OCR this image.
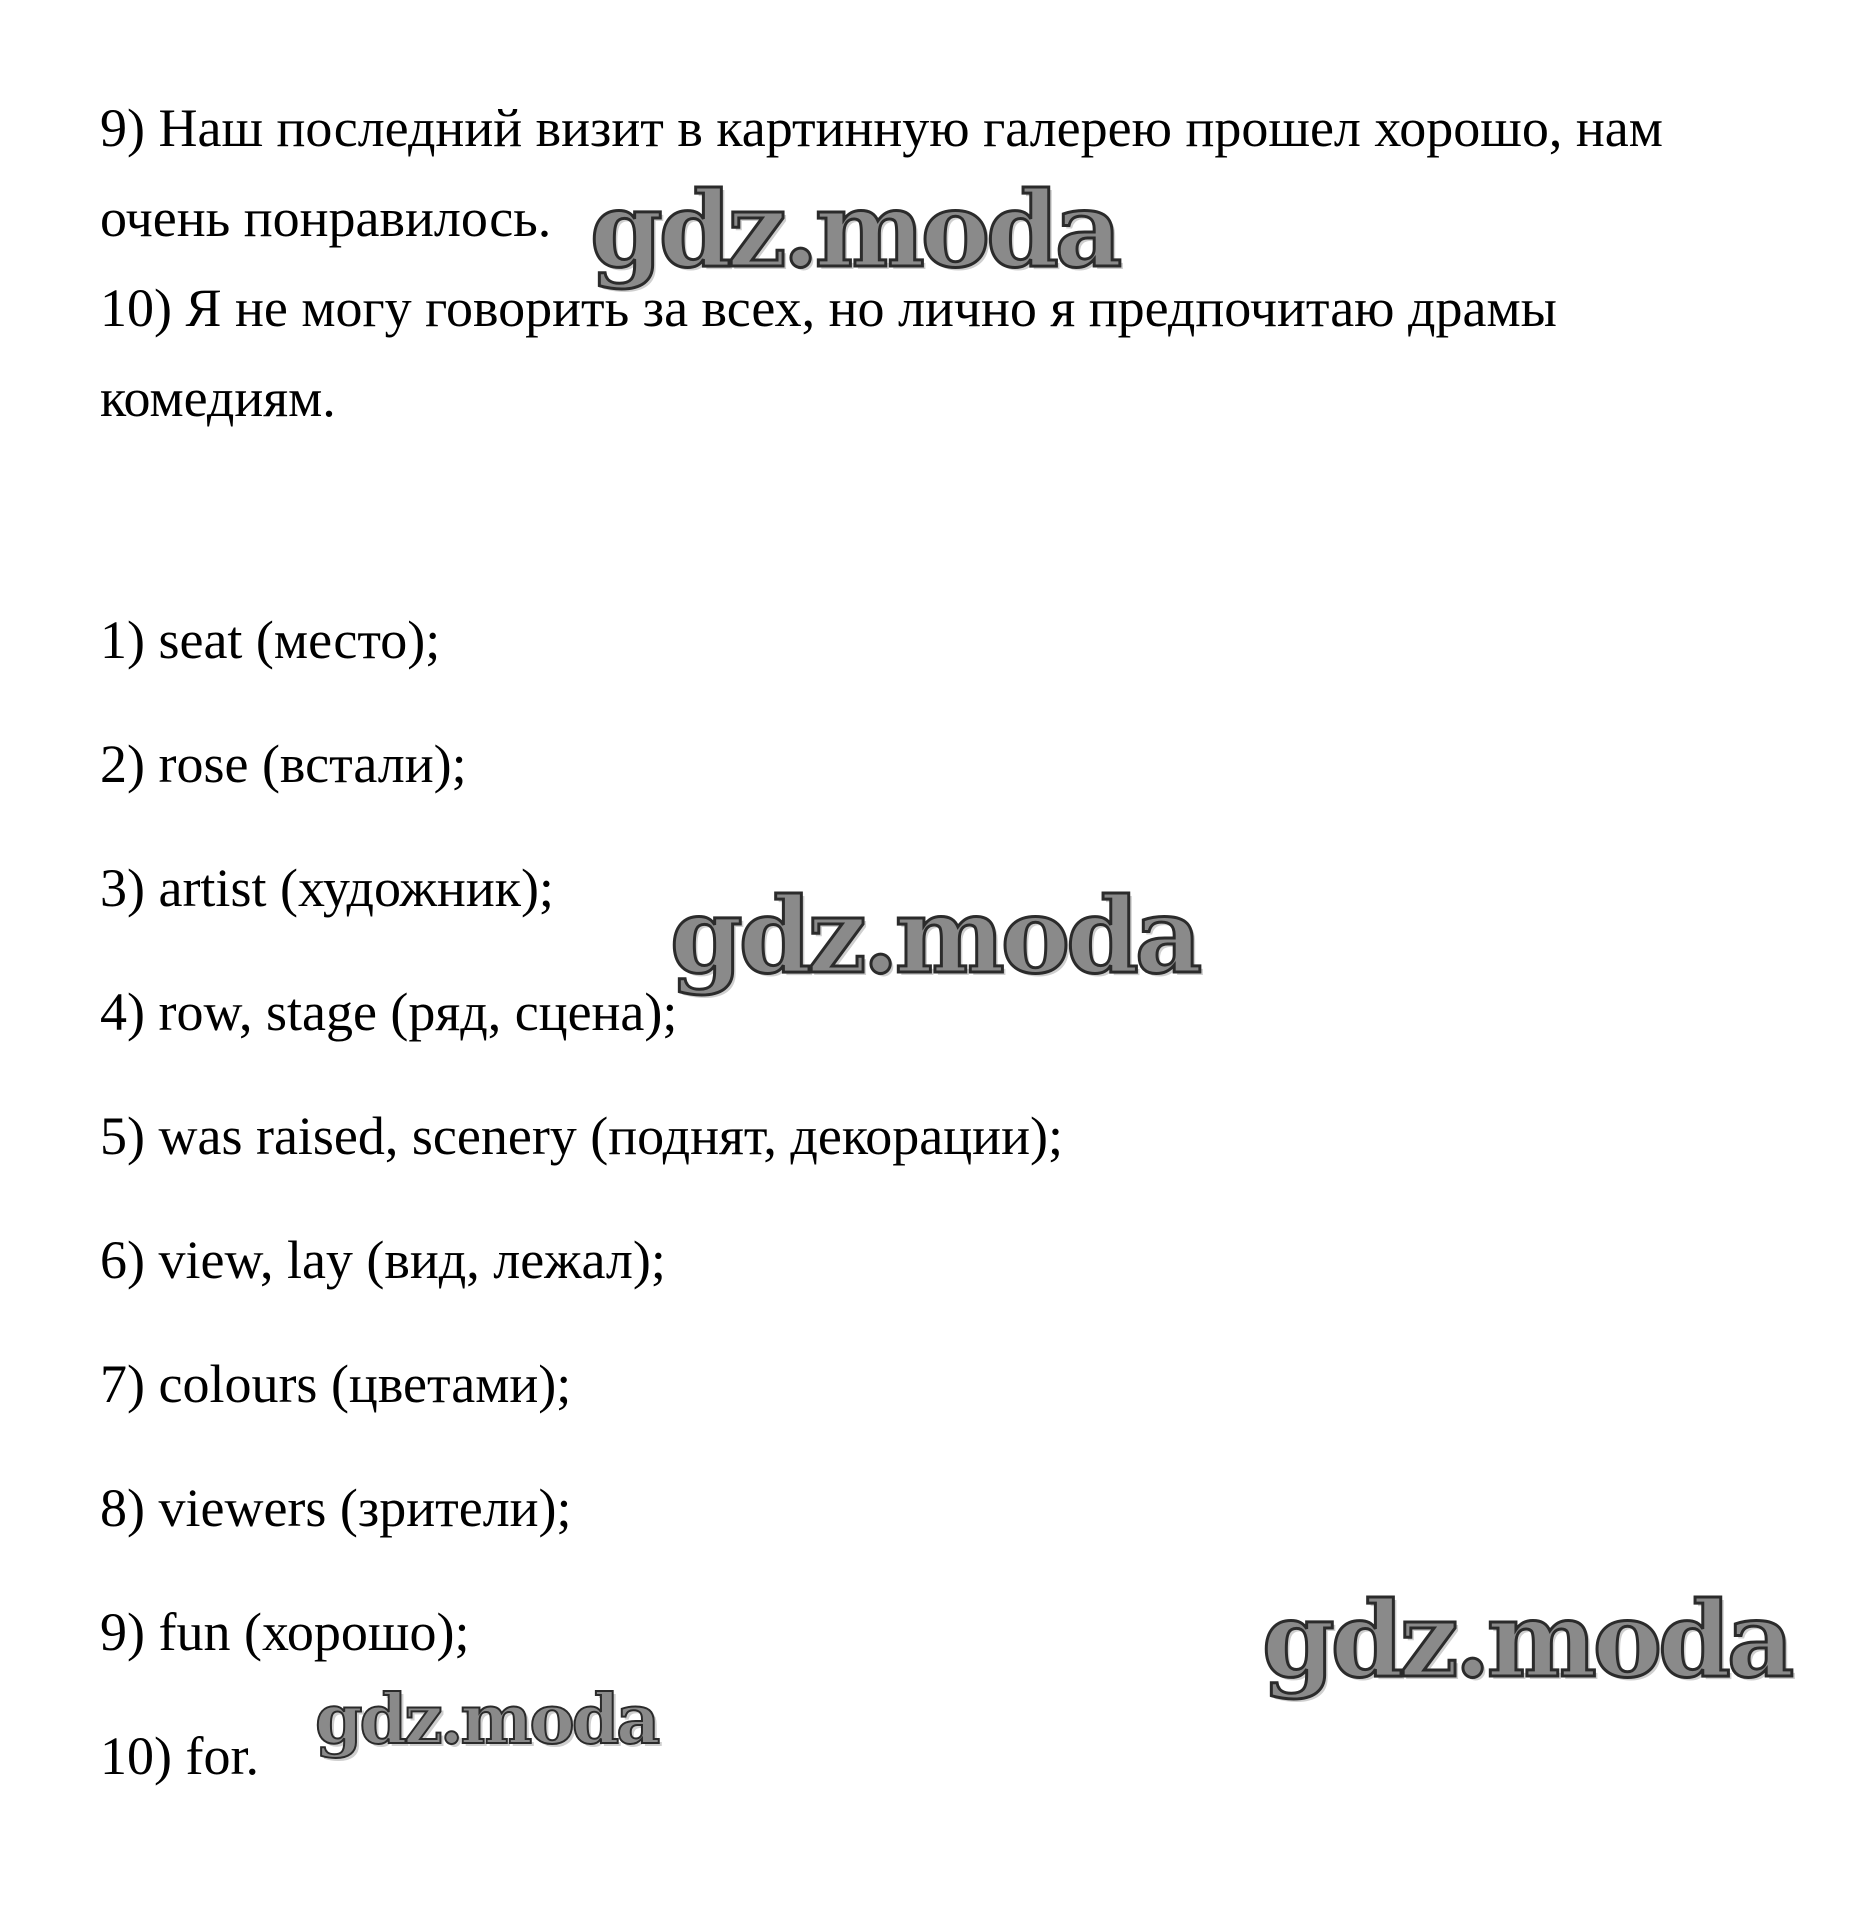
9) Наш последний визит в картинную галерею прошел хорошо, нам
очень понравилось.
10) Я не могу говорить за всех, но лично я предпочитаю драмы
комедиям.
1) seat (место);
2) rose (встали);
3) artist (художник);
4) row, stage (ряд, сцена);
5) was raised, scenery (поднят, декорации);
6) view, lay (вид, лежал);
7) colours (цветами);
8) viewers (зрители);
9) fun (хорошо);
10) for.
gdz.moda
gdz.moda
gdz.moda
gdz.moda
